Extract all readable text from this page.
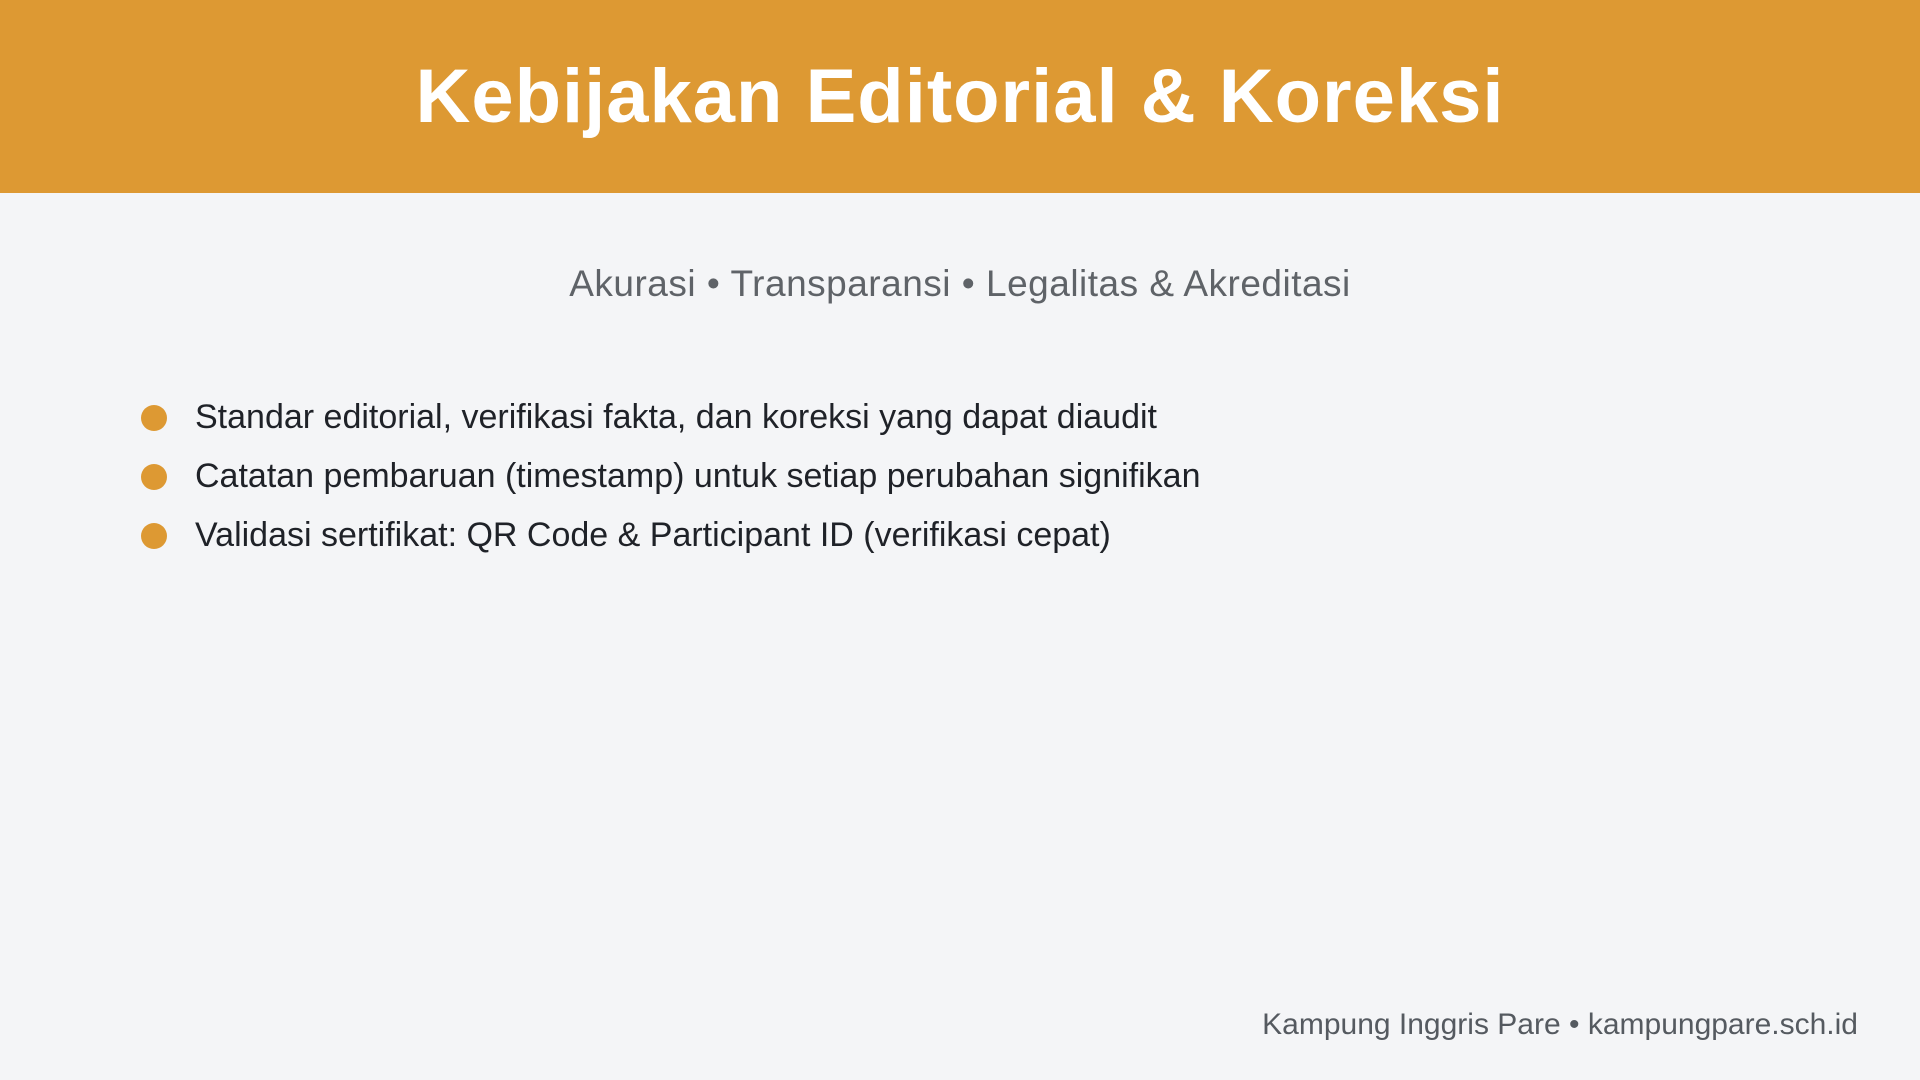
Kebijakan Editorial & Koreksi
Akurasi • Transparansi • Legalitas & Akreditasi
Standar editorial, verifikasi fakta, dan koreksi yang dapat diaudit
Catatan pembaruan (timestamp) untuk setiap perubahan signifikan
Validasi sertifikat: QR Code & Participant ID (verifikasi cepat)
Kampung Inggris Pare • kampungpare.sch.id
